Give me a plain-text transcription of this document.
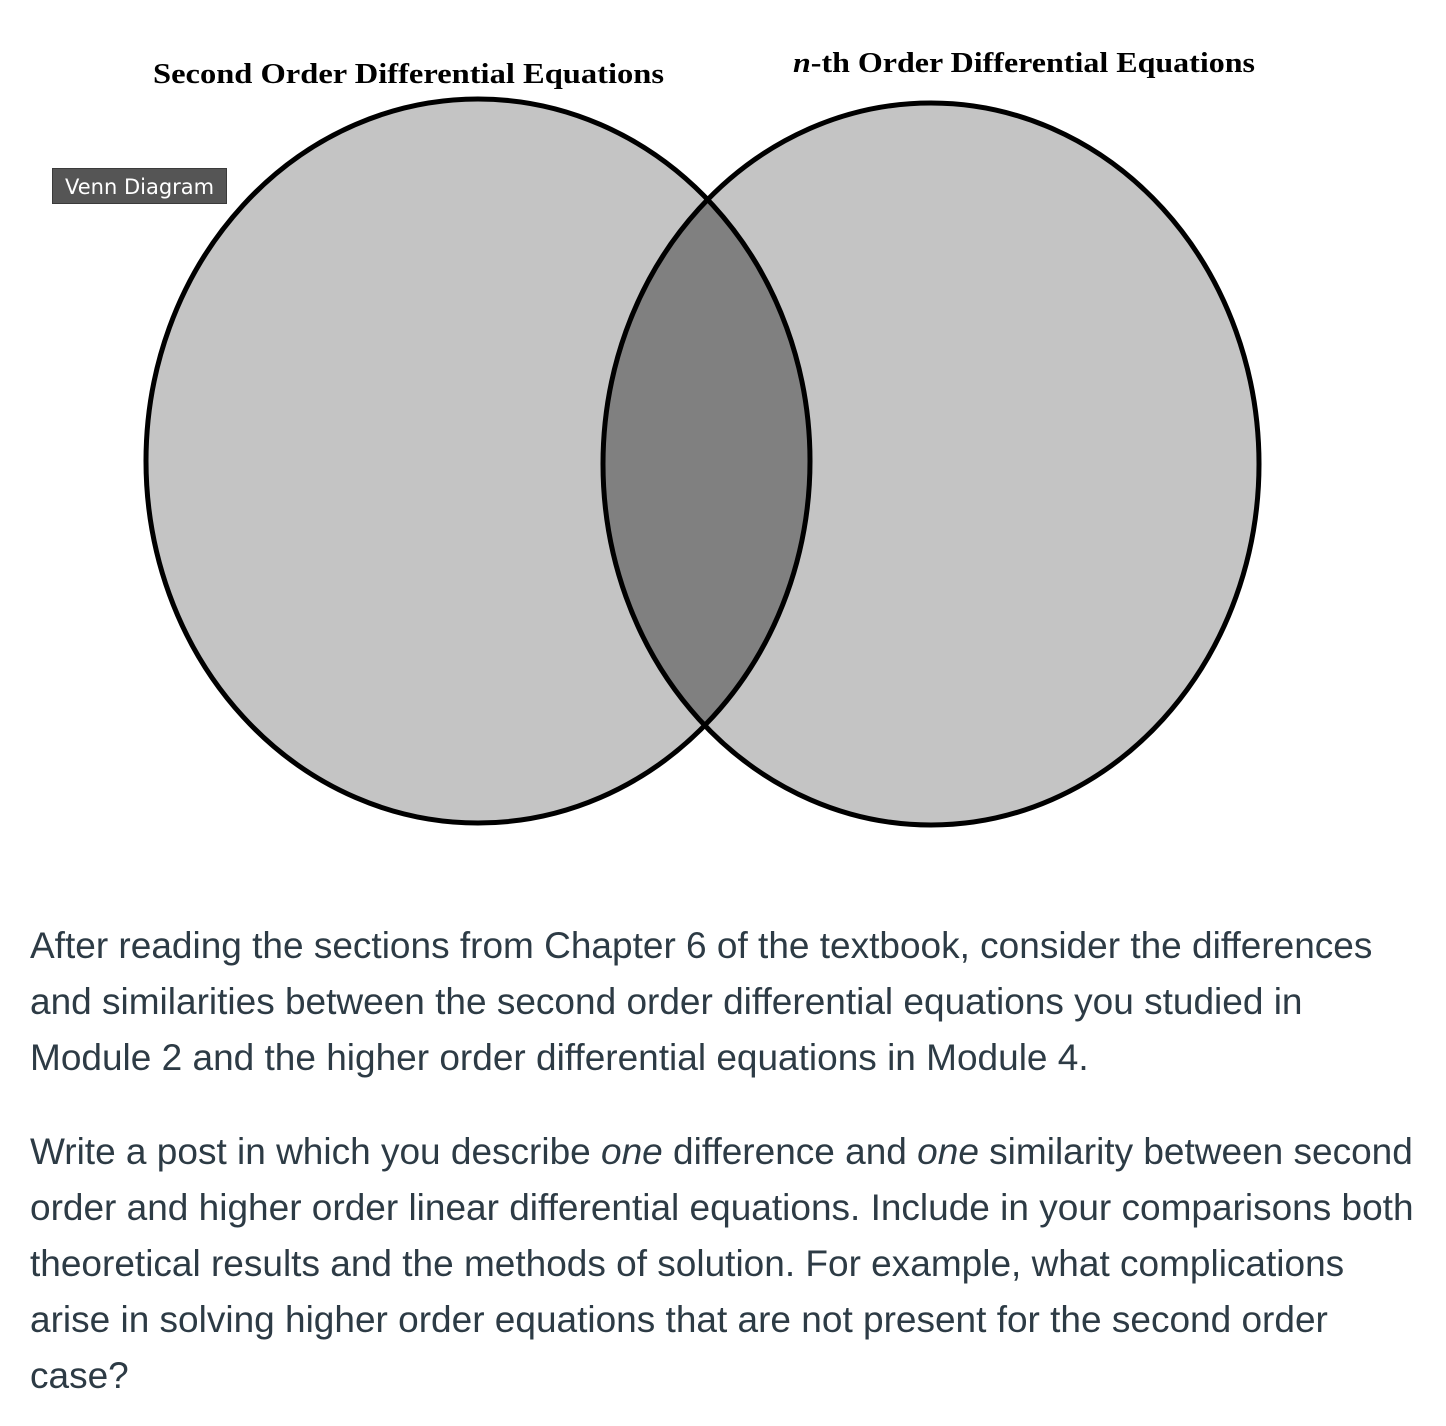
Second Order Differential Equations	n-th Order Differential Equations
Venn Diagram

After reading the sections from Chapter 6 of the textbook, consider the differences and similarities between the second order differential equations you studied in Module 2 and the higher order differential equations in Module 4.

Write a post in which you describe one difference and one similarity between second order and higher order linear differential equations. Include in your comparisons both theoretical results and the methods of solution. For example, what complications arise in solving higher order equations that are not present for the second order case?
